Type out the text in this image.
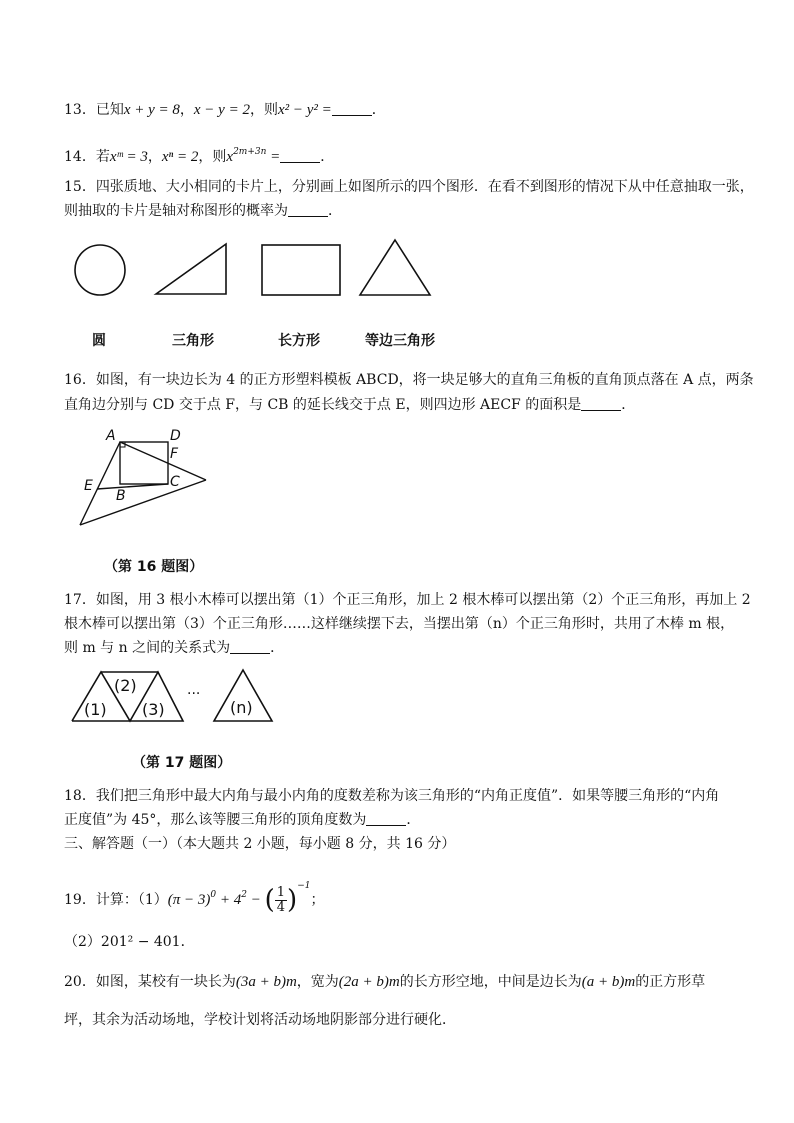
13．已知x + y = 8，x − y = 2，则x² − y² =	．
14．若xᵐ = 3，xⁿ = 2，则$x^{2m+3n}$ =	．
15．四张质地、大小相同的卡片上，分别画上如图所示的四个图形．在看不到图形的情况下从中任意抽取一张，
则抽取的卡片是轴对称图形的概率为	．
圆	三角形	长方形	等边三角形
16．如图，有一块边长为 4 的正方形塑料模板 ABCD，将一块足够大的直角三角板的直角顶点落在 A 点，两条
直角边分别与 CD 交于点 F，与 CB 的延长线交于点 E，则四边形 AECF 的面积是	．
A	D
F
E
B
C
（第 16 题图）
17．如图，用 3 根小木棒可以摆出第（1）个正三角形，加上 2 根木棒可以摆出第（2）个正三角形，再加上 2
根木棒可以摆出第（3）个正三角形……这样继续摆下去，当摆出第（n）个正三角形时，共用了木棒 m 根，
则 m 与 n 之间的关系式为	．
(1)
(2)
(3)
···
(n)
（第 17 题图）
18．我们把三角形中最大内角与最小内角的度数差称为该三角形的“内角正度值”．如果等腰三角形的“内角
正度值”为 45°，那么该等腰三角形的顶角度数为	．
三、解答题（一）（本大题共 2 小题，每小题 8 分，共 16 分）
19．计算：$(1)(\pi - 3)^0 + 4^2$ − ( $\frac{1}{4} )^{-1}$；
（2）201² − 401．
20．如图，某校有一块长为(3a + b)m，宽为(2a + b)m的长方形空地，中间是边长为(a + b)m的正方形草
坪，其余为活动场地，学校计划将活动场地阴影部分进行硬化．
